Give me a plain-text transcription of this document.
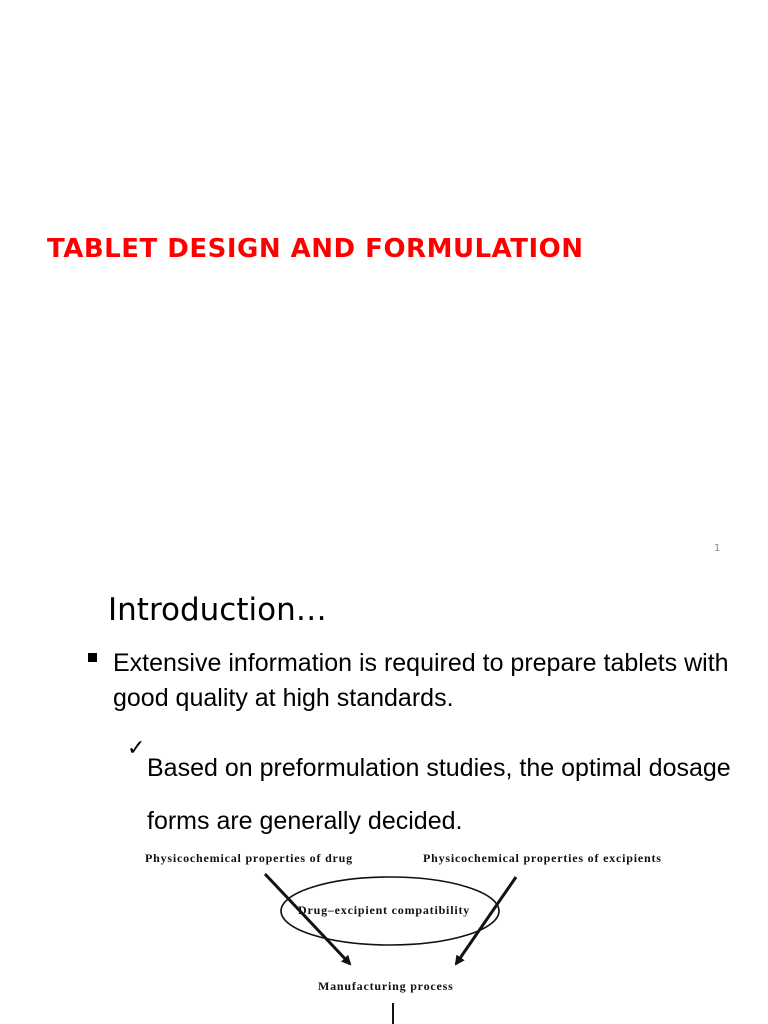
TABLET DESIGN AND FORMULATION
1
Introduction…
Extensive information is required to prepare tablets with good quality at high standards.
✓
Based on preformulation studies, the optimal dosage forms are generally decided.
Physicochemical properties of drug	Physicochemical properties of excipients
Drug–excipient compatibility
Manufacturing process
